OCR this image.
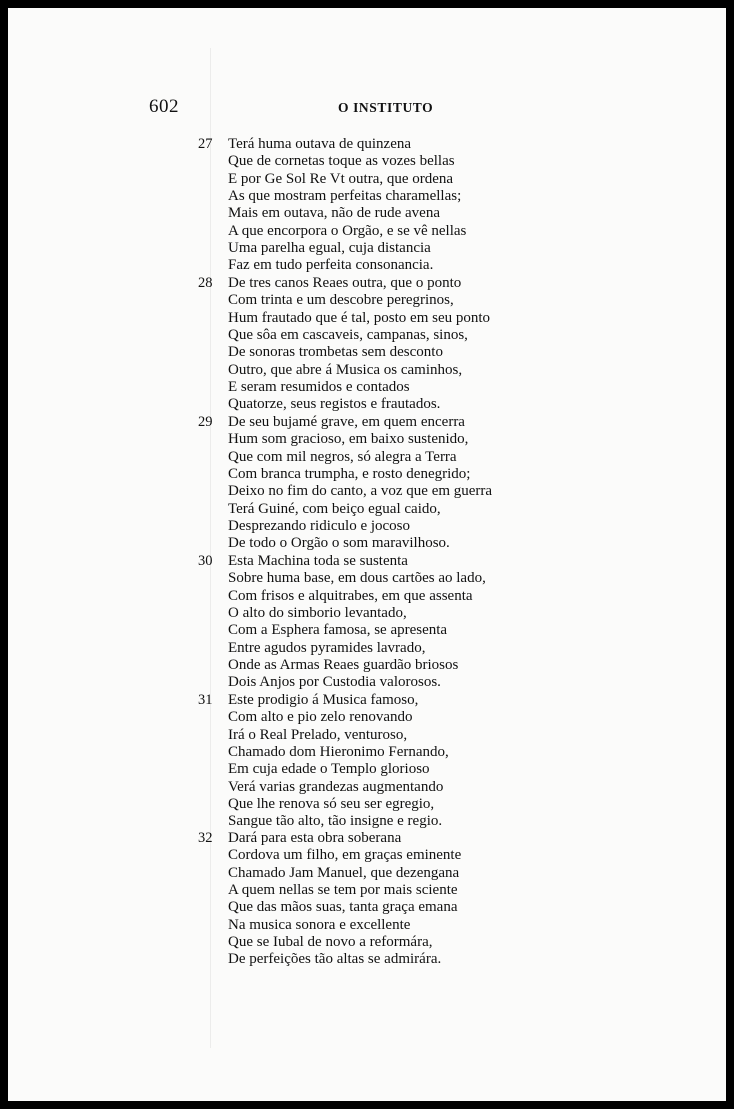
602	O INSTITUTO
27 Terá huma outava de quinzena
Que de cornetas toque as vozes bellas
E por Ge Sol Re Vt outra, que ordena
As que mostram perfeitas charamellas;
Mais em outava, não de rude avena
A que encorpora o Orgão, e se vê nellas
Uma parelha egual, cuja distancia
Faz em tudo perfeita consonancia.
28 De tres canos Reaes outra, que o ponto
Com trinta e um descobre peregrinos,
Hum frautado que é tal, posto em seu ponto
Que sôa em cascaveis, campanas, sinos,
De sonoras trombetas sem desconto
Outro, que abre á Musica os caminhos,
E seram resumidos e contados
Quatorze, seus registos e frautados.
29 De seu bujamé grave, em quem encerra
Hum som gracioso, em baixo sustenido,
Que com mil negros, só alegra a Terra
Com branca trumpha, e rosto denegrido;
Deixo no fim do canto, a voz que em guerra
Terá Guiné, com beiço egual caido,
Desprezando ridiculo e jocoso
De todo o Orgão o som maravilhoso.
30 Esta Machina toda se sustenta
Sobre huma base, em dous cartões ao lado,
Com frisos e alquitrabes, em que assenta
O alto do simborio levantado,
Com a Esphera famosa, se apresenta
Entre agudos pyramides lavrado,
Onde as Armas Reaes guardão briosos
Dois Anjos por Custodia valorosos.
31 Este prodigio á Musica famoso,
Com alto e pio zelo renovando
Irá o Real Prelado, venturoso,
Chamado dom Hieronimo Fernando,
Em cuja edade o Templo glorioso
Verá varias grandezas augmentando
Que lhe renova só seu ser egregio,
Sangue tão alto, tão insigne e regio.
32 Dará para esta obra soberana
Cordova um filho, em graças eminente
Chamado Jam Manuel, que dezengana
A quem nellas se tem por mais sciente
Que das mãos suas, tanta graça emana
Na musica sonora e excellente
Que se Iubal de novo a reformára,
De perfeições tão altas se admirára.
